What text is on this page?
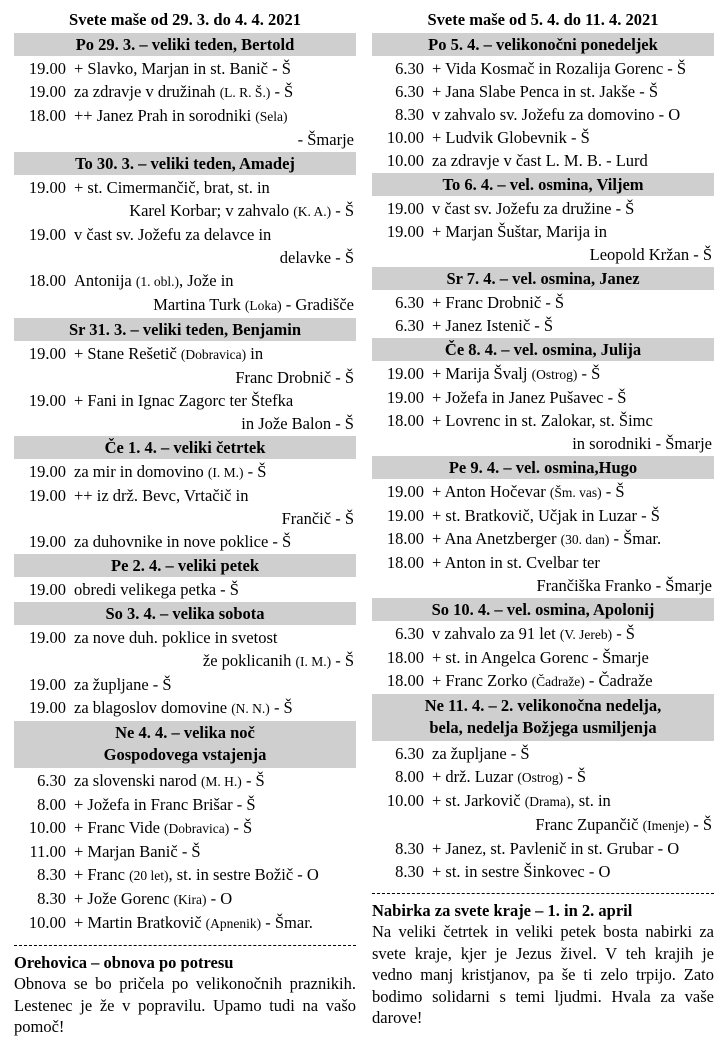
Svete maše od 29. 3. do 4. 4. 2021
Po 29. 3. – veliki teden, Bertold
19.00 + Slavko, Marjan in st. Banič - Š
19.00 za zdravje v družinah (L. R. Š.) - Š
18.00 ++ Janez Prah in sorodniki (Sela)
- Šmarje
To 30. 3. – veliki teden, Amadej
19.00 + st. Cimermančič, brat, st. in
Karel Korbar; v zahvalo (K. A.) - Š
19.00 v čast sv. Jožefu za delavce in
delavke - Š
18.00 Antonija (1. obl.), Jože in
Martina Turk (Loka) - Gradišče
Sr 31. 3. – veliki teden, Benjamin
19.00 + Stane Rešetič (Dobravica) in
Franc Drobnič - Š
19.00 + Fani in Ignac Zagorc ter Štefka
in Jože Balon - Š
Če 1. 4. – veliki četrtek
19.00 za mir in domovino (I. M.) - Š
19.00 ++ iz drž. Bevc, Vrtačič in
Frančič - Š
19.00 za duhovnike in nove poklice - Š
Pe 2. 4. – veliki petek
19.00 obredi velikega petka - Š
So 3. 4. – velika sobota
19.00 za nove duh. poklice in svetost
že poklicanih (I. M.) - Š
19.00 za župljane - Š
19.00 za blagoslov domovine (N. N.) - Š
Ne 4. 4. – velika noč
Gospodovega vstajenja
6.30 za slovenski narod (M. H.) - Š
8.00 + Jožefa in Franc Brišar - Š
10.00 + Franc Vide (Dobravica) - Š
11.00 + Marjan Banič - Š
8.30 + Franc (20 let), st. in sestre Božič - O
8.30 + Jože Gorenc (Kira) - O
10.00 + Martin Bratkovič (Apnenik) - Šmar.
Orehovica – obnova po potresu
Obnova se bo pričela po velikonočnih praznikih. Lestenec je že v popravilu. Upamo tudi na vašo pomoč!
Svete maše od 5. 4. do 11. 4. 2021
Po 5. 4. – velikonočni ponedeljek
6.30 + Vida Kosmač in Rozalija Gorenc - Š
6.30 + Jana Slabe Penca in st. Jakše - Š
8.30 v zahvalo sv. Jožefu za domovino - O
10.00 + Ludvik Globevnik - Š
10.00 za zdravje v čast L. M. B. - Lurd
To 6. 4. – vel. osmina, Viljem
19.00 v čast sv. Jožefu za družine - Š
19.00 + Marjan Šuštar, Marija in
Leopold Kržan - Š
Sr 7. 4. – vel. osmina, Janez
6.30 + Franc Drobnič - Š
6.30 + Janez Istenič - Š
Če 8. 4. – vel. osmina, Julija
19.00 + Marija Švalj (Ostrog) - Š
19.00 + Jožefa in Janez Pušavec - Š
18.00 + Lovrenc in st. Zalokar, st. Šimc
in sorodniki - Šmarje
Pe 9. 4. – vel. osmina,Hugo
19.00 + Anton Hočevar (Šm. vas) - Š
19.00 + st. Bratkovič, Učjak in Luzar - Š
18.00 + Ana Anetzberger (30. dan) - Šmar.
18.00 + Anton in st. Cvelbar ter
Frančiška Franko - Šmarje
So 10. 4. – vel. osmina, Apolonij
6.30 v zahvalo za 91 let (V. Jereb) - Š
18.00 + st. in Angelca Gorenc - Šmarje
18.00 + Franc Zorko (Čadraže) - Čadraže
Ne 11. 4. – 2. velikonočna nedelja,
bela, nedelja Božjega usmiljenja
6.30 za župljane - Š
8.00 + drž. Luzar (Ostrog) - Š
10.00 + st. Jarkovič (Drama), st. in
Franc Zupančič (Imenje) - Š
8.30 + Janez, st. Pavlenič in st. Grubar - O
8.30 + st. in sestre Šinkovec - O
Nabirka za svete kraje – 1. in 2. april
Na veliki četrtek in veliki petek bosta nabirki za svete kraje, kjer je Jezus živel. V teh krajih je vedno manj kristjanov, pa še ti zelo trpijo. Zato bodimo solidarni s temi ljudmi. Hvala za vaše darove!
